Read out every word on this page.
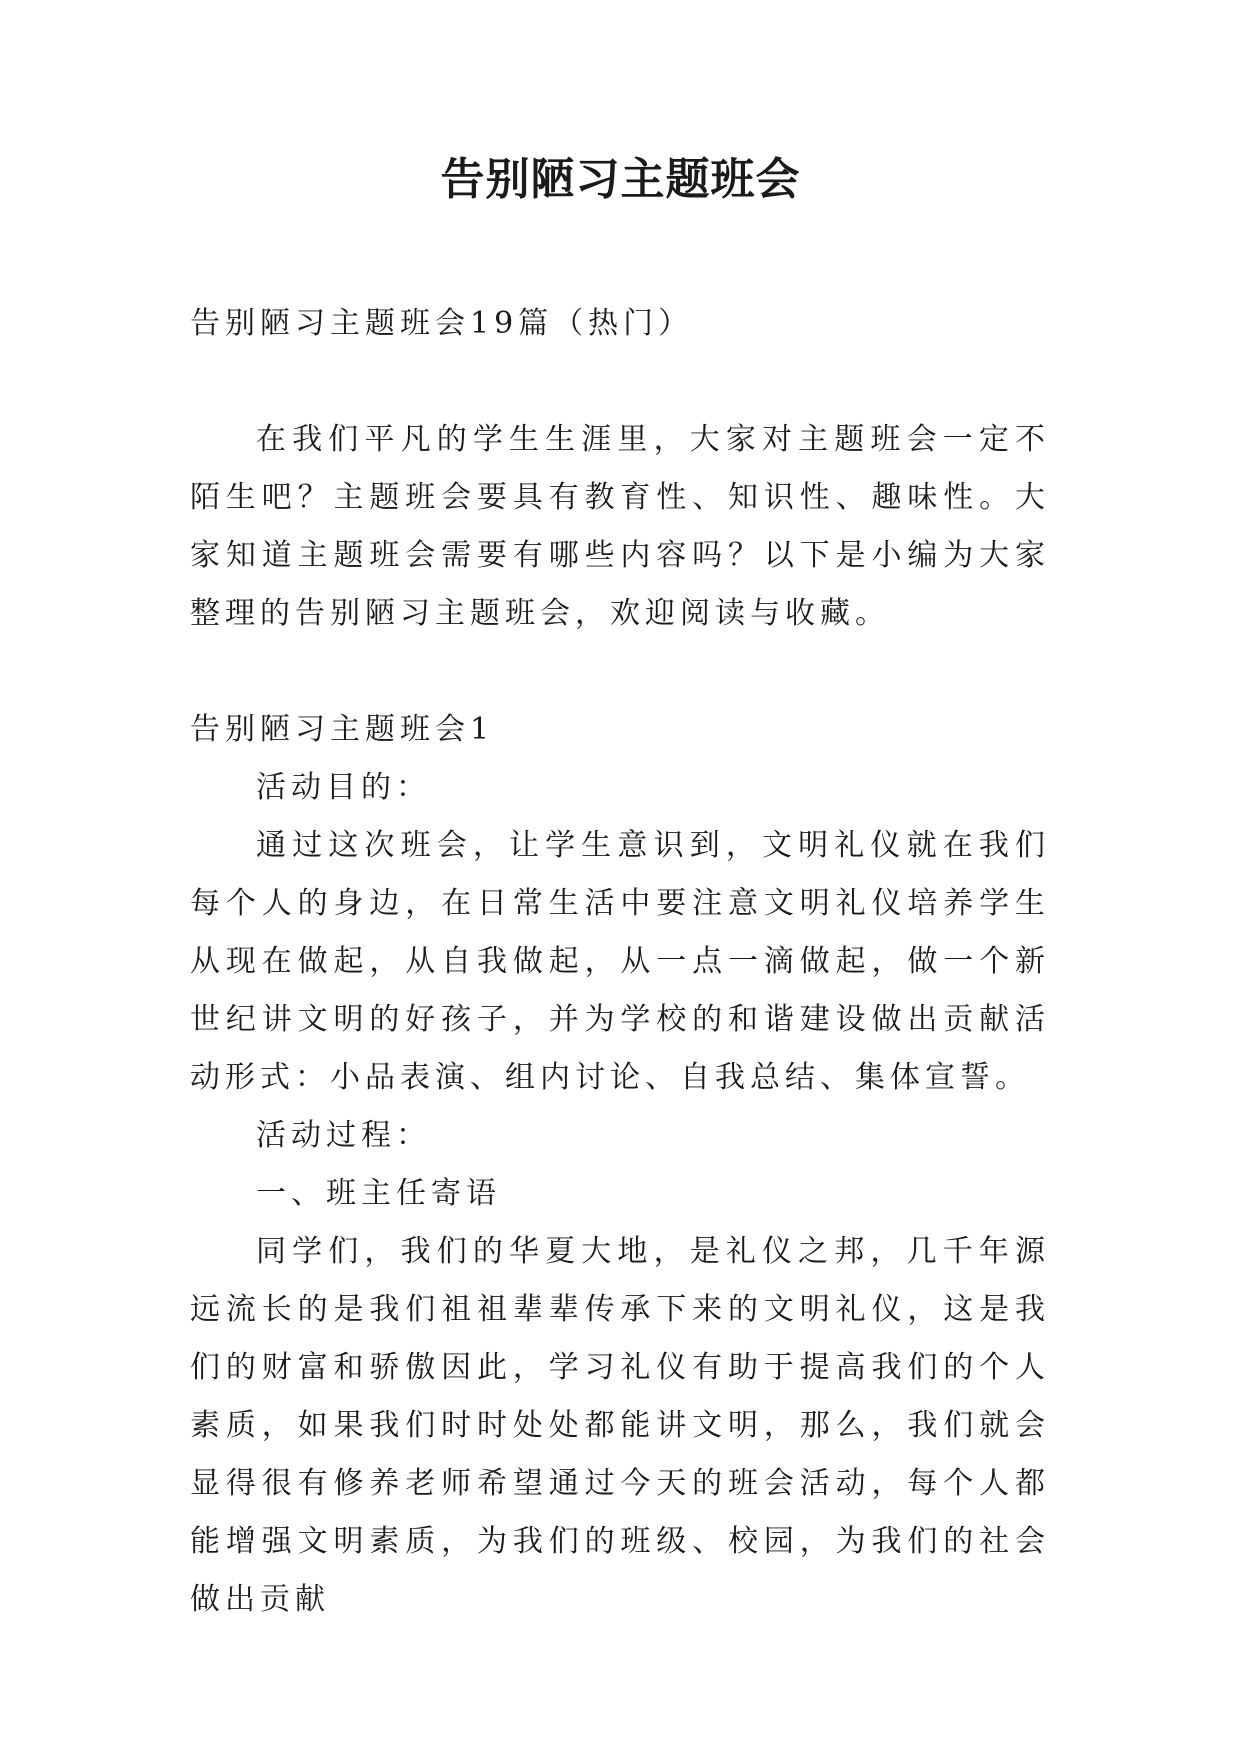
告别陋习主题班会

告别陋习主题班会19篇（热门）

在我们平凡的学生生涯里，大家对主题班会一定不陌生吧？主题班会要具有教育性、知识性、趣味性。大家知道主题班会需要有哪些内容吗？以下是小编为大家整理的告别陋习主题班会，欢迎阅读与收藏。

告别陋习主题班会1

活动目的：

通过这次班会，让学生意识到，文明礼仪就在我们每个人的身边，在日常生活中要注意文明礼仪培养学生从现在做起，从自我做起，从一点一滴做起，做一个新世纪讲文明的好孩子，并为学校的和谐建设做出贡献活动形式：小品表演、组内讨论、自我总结、集体宣誓。

活动过程：

一、班主任寄语

同学们，我们的华夏大地，是礼仪之邦，几千年源远流长的是我们祖祖辈辈传承下来的文明礼仪，这是我们的财富和骄傲因此，学习礼仪有助于提高我们的个人素质，如果我们时时处处都能讲文明，那么，我们就会显得很有修养老师希望通过今天的班会活动，每个人都能增强文明素质，为我们的班级、校园，为我们的社会做出贡献
